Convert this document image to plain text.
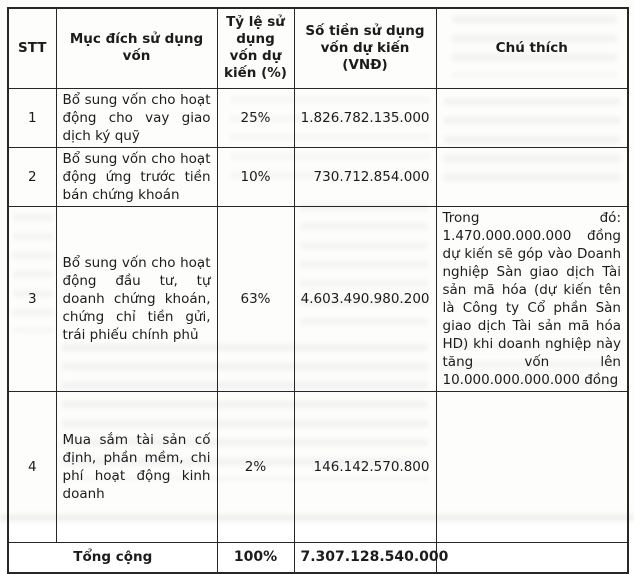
STT	Mục đích sử dụng vốn	Tỷ lệ sử dụng vốn dự kiến (%)	Số tiền sử dụng vốn dự kiến (VNĐ)	Chú thích
1	Bổ sung vốn cho hoạt động cho vay giao dịch ký quỹ	25%	1.826.782.135.000	
2	Bổ sung vốn cho hoạt động ứng trước tiền bán chứng khoán	10%	730.712.854.000	
3	Bổ sung vốn cho hoạt động đầu tư, tự doanh chứng khoán, chứng chỉ tiền gửi, trái phiếu chính phủ	63%	4.603.490.980.200	Trong đó: 1.470.000.000.000 đồng dự kiến sẽ góp vào Doanh nghiệp Sàn giao dịch Tài sản mã hóa (dự kiến tên là Công ty Cổ phần Sàn giao dịch Tài sản mã hóa HD) khi doanh nghiệp này tăng vốn lên 10.000.000.000.000 đồng
4	Mua sắm tài sản cố định, phần mềm, chi phí hoạt động kinh doanh	2%	146.142.570.800	
Tổng cộng		100%	7.307.128.540.000	
